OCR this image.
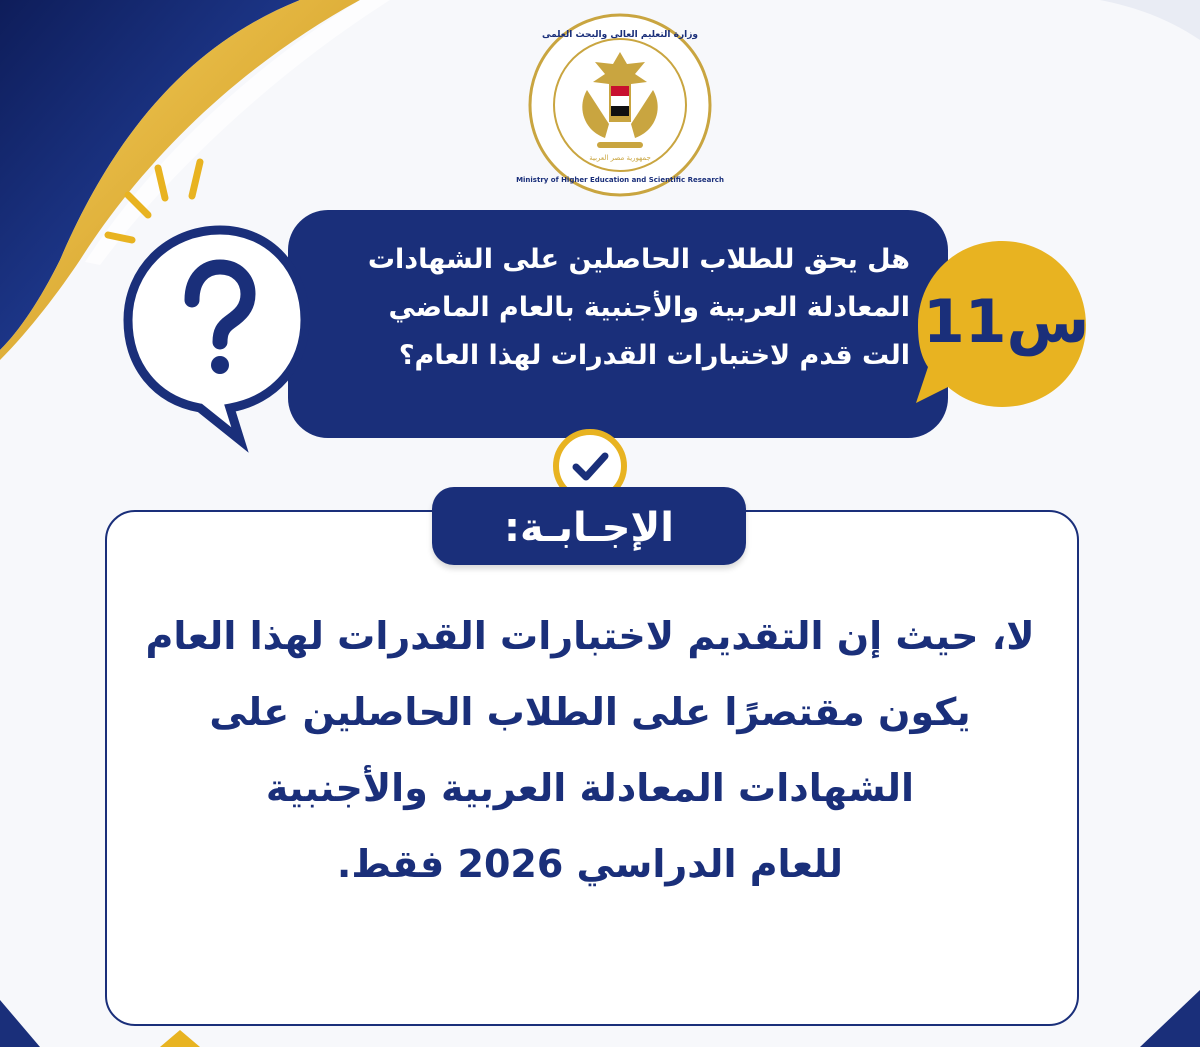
وزارة التعليم العالى والبحث العلمى
Ministry of Higher Education and Scientific Research
جمهورية مصر العربية
هل يحق للطلاب الحاصلين على الشهادات
المعادلة العربية والأجنبية بالعام الماضي
الت قدم لاختبارات القدرات لهذا العام؟ 11س
الإجـابـة:
لا، حيث إن التقديم لاختبارات القدرات لهذا العام
يكون مقتصرًا على الطلاب الحاصلين على
الشهادات المعادلة العربية والأجنبية
للعام الدراسي 2026 فقط.
